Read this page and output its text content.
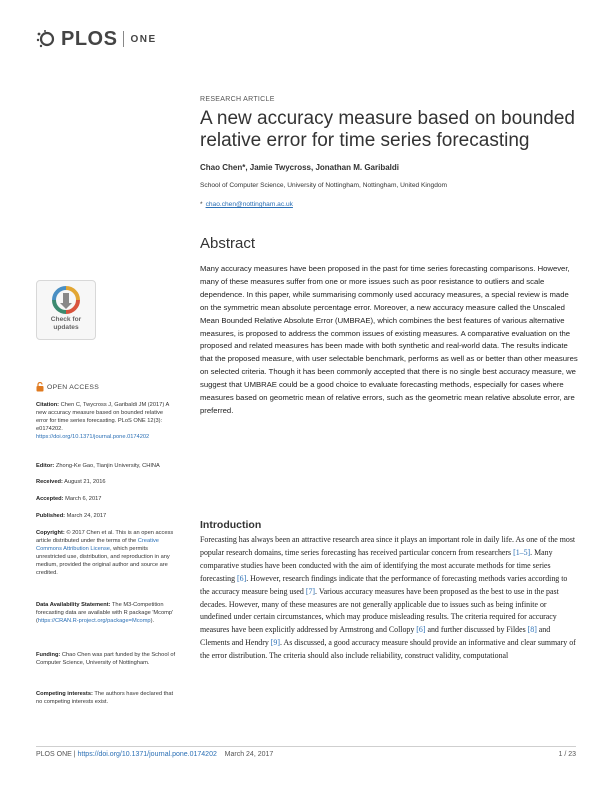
PLOS ONE
RESEARCH ARTICLE
A new accuracy measure based on bounded relative error for time series forecasting
Chao Chen*, Jamie Twycross, Jonathan M. Garibaldi
School of Computer Science, University of Nottingham, Nottingham, United Kingdom
* chao.chen@nottingham.ac.uk
Abstract

Many accuracy measures have been proposed in the past for time series forecasting comparisons. However, many of these measures suffer from one or more issues such as poor resistance to outliers and scale dependence. In this paper, while summarising commonly used accuracy measures, a special review is made on the symmetric mean absolute percentage error. Moreover, a new accuracy measure called the Unscaled Mean Bounded Relative Absolute Error (UMBRAE), which combines the best features of various alternative measures, is proposed to address the common issues of existing measures. A comparative evaluation on the proposed and related measures has been made with both synthetic and real-world data. The results indicate that the proposed measure, with user selectable benchmark, performs as well as or better than other measures on selected criteria. Though it has been commonly accepted that there is no single best accuracy measure, we suggest that UMBRAE could be a good choice to evaluate forecasting methods, especially for cases where measures based on geometric mean of relative errors, such as the geometric mean relative absolute error, are preferred.

Introduction

Forecasting has always been an attractive research area since it plays an important role in daily life. As one of the most popular research domains, time series forecasting has received particular concern from researchers [1–5]. Many comparative studies have been conducted with the aim of identifying the most accurate methods for time series forecasting [6]. However, research findings indicate that the performance of forecasting methods varies according to the accuracy measure being used [7]. Various accuracy measures have been proposed as the best to use in the past decades. However, many of these measures are not generally applicable due to issues such as being infinite or undefined under certain circumstances, which may produce misleading results. The criteria required for accuracy measures have been explicitly addressed by Armstrong and Collopy [6] and further discussed by Fildes [8] and Clements and Hendry [9]. As discussed, a good accuracy measure should provide an informative and clear summary of the error distribution. The criteria should also include reliability, construct validity, computational

Check for
updates
OPEN ACCESS

Citation: Chen C, Twycross J, Garibaldi JM (2017) A new accuracy measure based on bounded relative error for time series forecasting. PLoS ONE 12(3): e0174202. https://doi.org/10.1371/journal.pone.0174202

Editor: Zhong-Ke Gao, Tianjin University, CHINA

Received: August 21, 2016

Accepted: March 6, 2017

Published: March 24, 2017

Copyright: © 2017 Chen et al. This is an open access article distributed under the terms of the Creative Commons Attribution License, which permits unrestricted use, distribution, and reproduction in any medium, provided the original author and source are credited.

Data Availability Statement: The M3-Competition forecasting data are available with R package 'Mcomp' (https://CRAN.R-project.org/package=Mcomp).

Funding: Chao Chen was part funded by the School of Computer Science, University of Nottingham.

Competing interests: The authors have declared that no competing interests exist.

PLOS ONE | https://doi.org/10.1371/journal.pone.0174202 March 24, 2017	1 / 23
